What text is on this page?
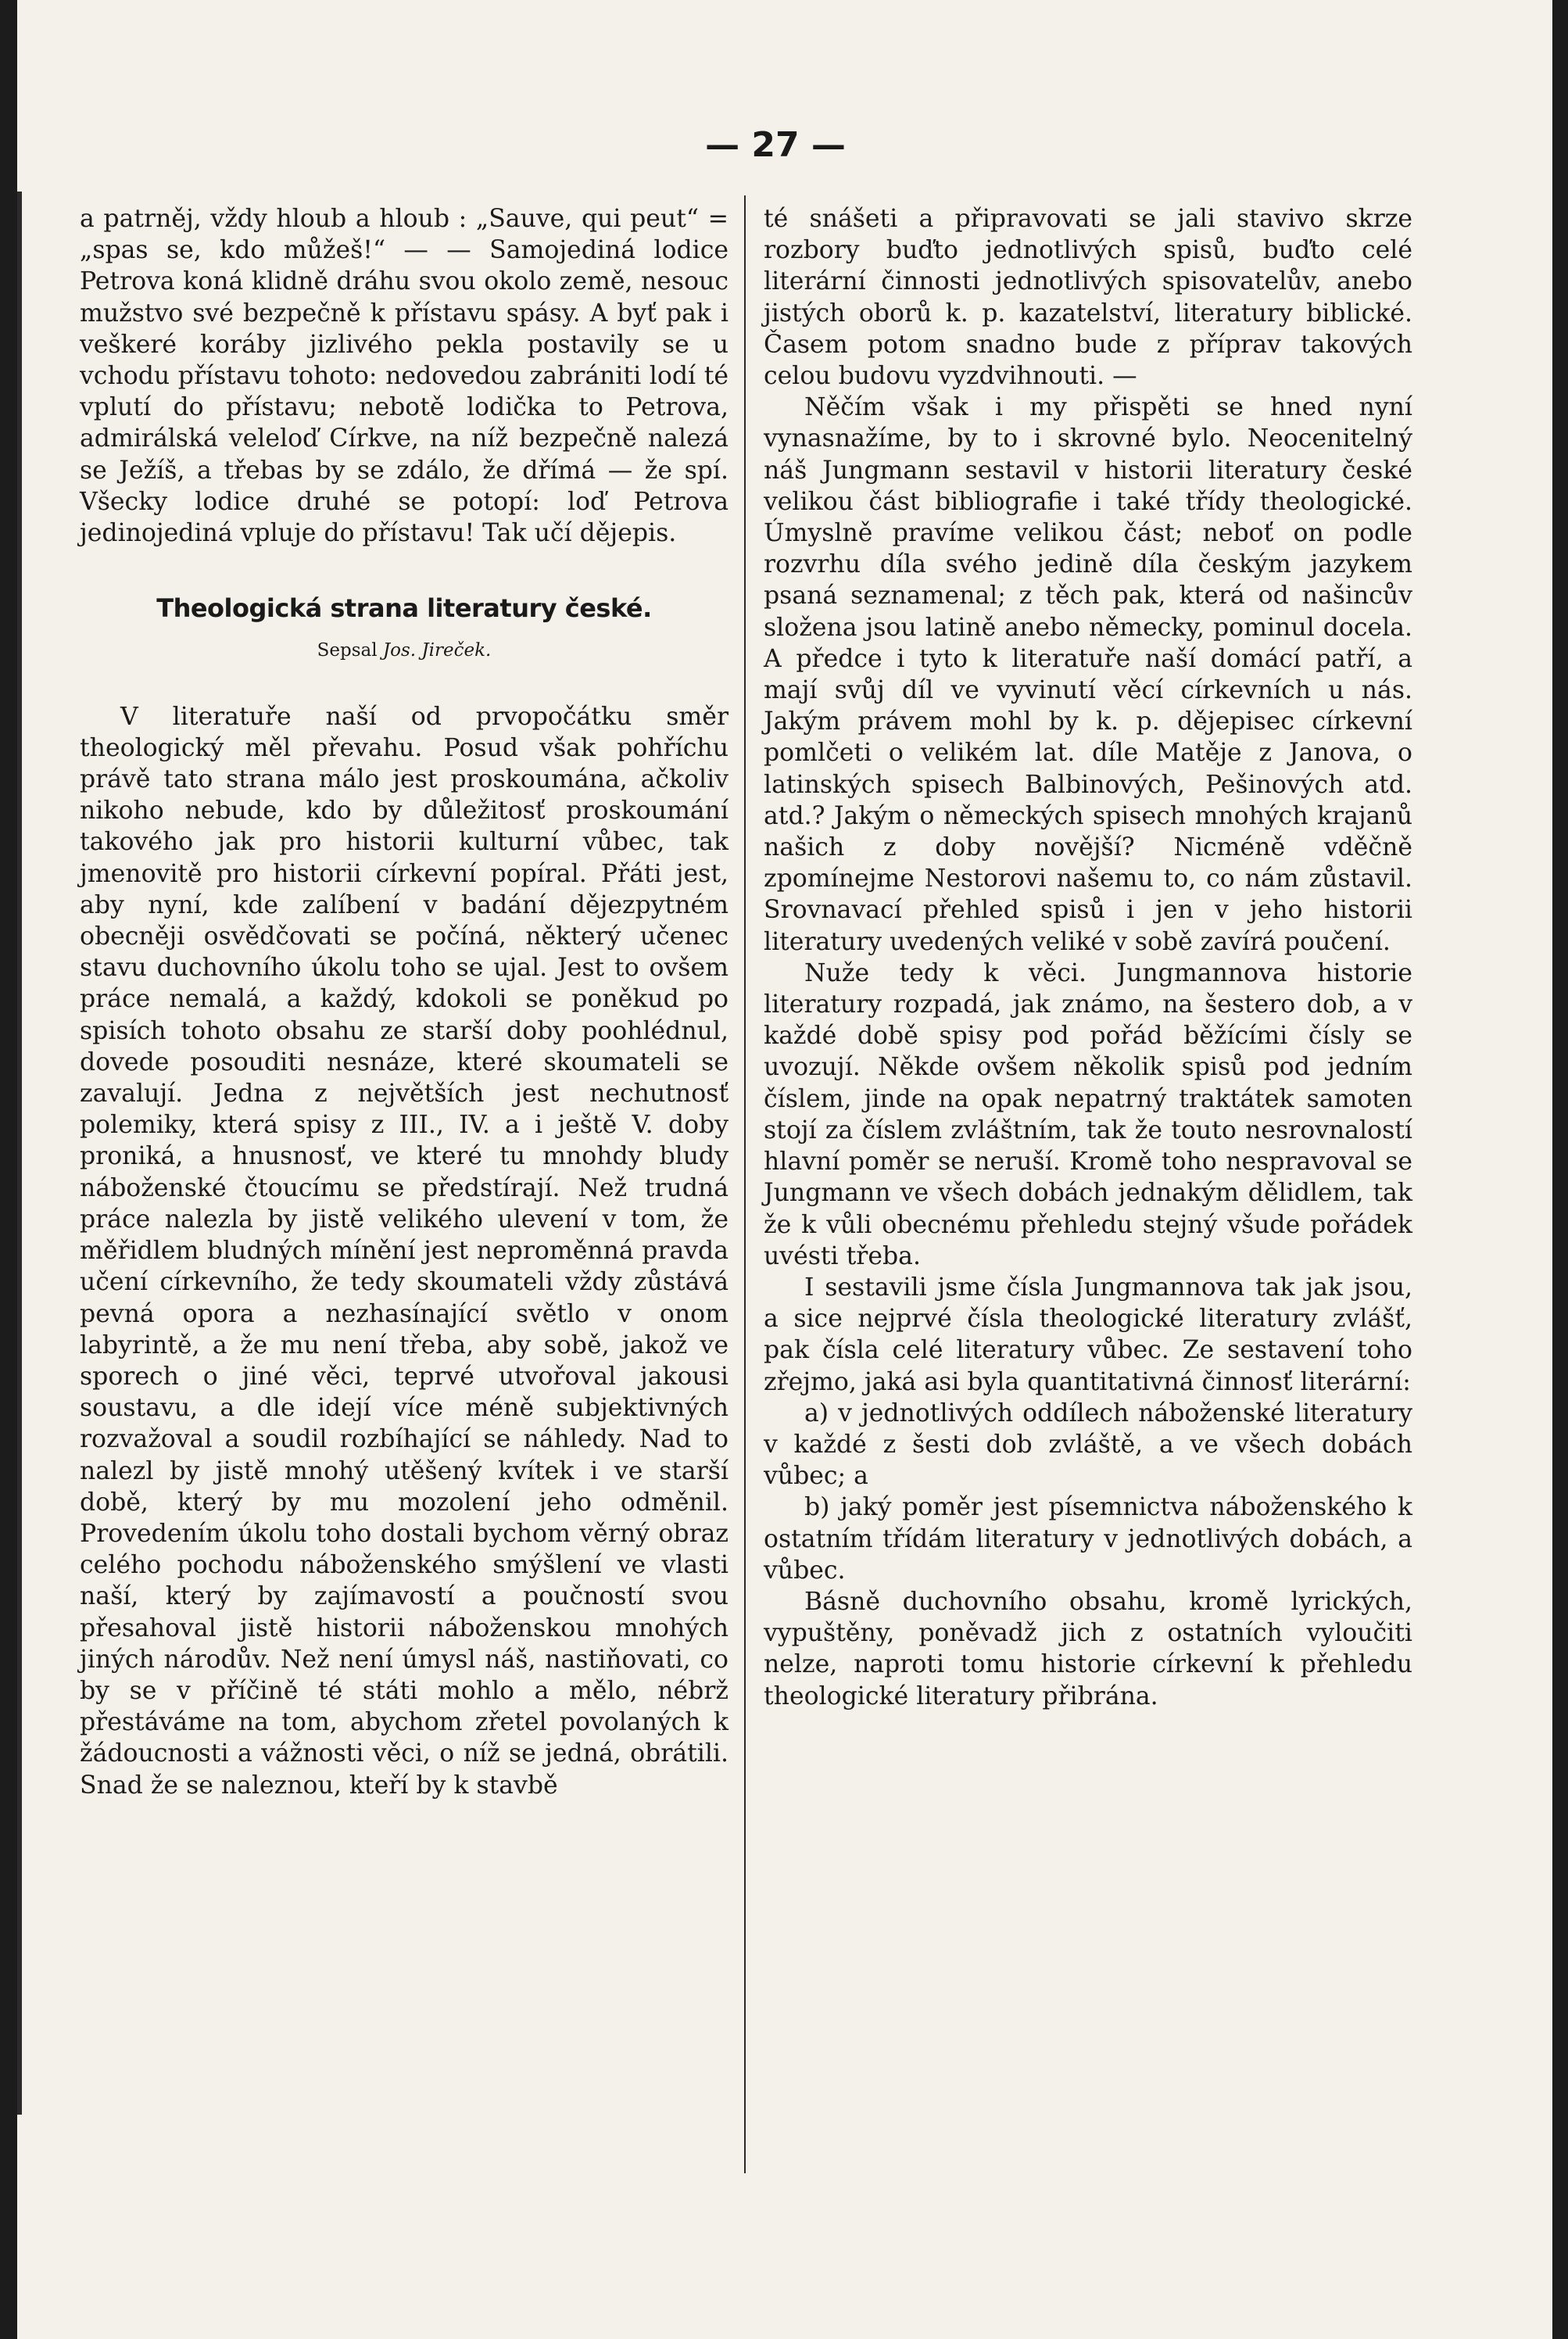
— 27 —

a patrněj, vždy hloub a hloub : „Sauve, qui peut“ = „spas se, kdo můžeš!“ — — Samojediná lodice Petrova koná klidně dráhu svou okolo země, nesouc mužstvo své bezpečně k přístavu spásy. A byť pak i veškeré koráby jizlivého pekla postavily se u vchodu přístavu tohoto: nedovedou zabrániti lodí té vplutí do přístavu; nebotě lodička to Petrova, admirálská veleloď Církve, na níž bezpečně nalezá se Ježíš, a třebas by se zdálo, že dřímá — že spí. Všecky lodice druhé se potopí: loď Petrova jedinojediná vpluje do přístavu! Tak učí dějepis.

Theologická strana literatury české.
Sepsal Jos. Jireček.

V literatuře naší od prvopočátku směr theologický měl převahu. Posud však pohříchu právě tato strana málo jest proskoumána, ačkoliv nikoho nebude, kdo by důležitosť proskoumání takového jak pro historii kulturní vůbec, tak jmenovitě pro historii církevní popíral. Přáti jest, aby nyní, kde zalíbení v badání dějezpytném obecněji osvědčovati se počíná, některý učenec stavu duchovního úkolu toho se ujal. Jest to ovšem práce nemalá, a každý, kdokoli se poněkud po spisích tohoto obsahu ze starší doby poohlédnul, dovede posouditi nesnáze, které skoumateli se zavalují. Jedna z největších jest nechutnosť polemiky, která spisy z III., IV. a i ještě V. doby proniká, a hnusnosť, ve které tu mnohdy bludy náboženské čtoucímu se předstírají. Než trudná práce nalezla by jistě velikého ulevení v tom, že měřidlem bludných mínění jest neproměnná pravda učení církevního, že tedy skoumateli vždy zůstává pevná opora a nezhasínající světlo v onom labyrintě, a že mu není třeba, aby sobě, jakož ve sporech o jiné věci, teprvé utvořoval jakousi soustavu, a dle idejí více méně subjektivných rozvažoval a soudil rozbíhající se náhledy. Nad to nalezl by jistě mnohý utěšený kvítek i ve starší době, který by mu mozolení jeho odměnil. Provedením úkolu toho dostali bychom věrný obraz celého pochodu náboženského smýšlení ve vlasti naší, který by zajímavostí a poučností svou přesahoval jistě historii náboženskou mnohých jiných národův. Než není úmysl náš, nastiňovati, co by se v příčině té státi mohlo a mělo, nébrž přestáváme na tom, abychom zřetel povolaných k žádoucnosti a vážnosti věci, o níž se jedná, obrátili. Snad že se naleznou, kteří by k stavbě

té snášeti a připravovati se jali stavivo skrze rozbory buďto jednotlivých spisů, buďto celé literární činnosti jednotlivých spisovatelův, anebo jistých oborů k. p. kazatelství, literatury biblické. Časem potom snadno bude z příprav takových celou budovu vyzdvihnouti. —

Něčím však i my přispěti se hned nyní vynasnažíme, by to i skrovné bylo. Neocenitelný náš Jungmann sestavil v historii literatury české velikou část bibliografie i také třídy theologické. Úmyslně pravíme velikou část; neboť on podle rozvrhu díla svého jedině díla českým jazykem psaná seznamenal; z těch pak, která od našincův složena jsou latině anebo německy, pominul docela. A předce i tyto k literatuře naší domácí patří, a mají svůj díl ve vyvinutí věcí církevních u nás. Jakým právem mohl by k. p. dějepisec církevní pomlčeti o velikém lat. díle Matěje z Janova, o latinských spisech Balbinových, Pešinových atd. atd.? Jakým o německých spisech mnohých krajanů našich z doby novější? Nicméně vděčně zpomínejme Nestorovi našemu to, co nám zůstavil. Srovnavací přehled spisů i jen v jeho historii literatury uvedených veliké v sobě zavírá poučení.

Nuže tedy k věci. Jungmannova historie literatury rozpadá, jak známo, na šestero dob, a v každé době spisy pod pořád běžícími čísly se uvozují. Někde ovšem několik spisů pod jedním číslem, jinde na opak nepatrný traktátek samoten stojí za číslem zvláštním, tak že touto nesrovnalostí hlavní poměr se neruší. Kromě toho nespravoval se Jungmann ve všech dobách jednakým dělidlem, tak že k vůli obecnému přehledu stejný všude pořádek uvésti třeba.

I sestavili jsme čísla Jungmannova tak jak jsou, a sice nejprvé čísla theologické literatury zvlášť, pak čísla celé literatury vůbec. Ze sestavení toho zřejmo, jaká asi byla quantitativná činnosť literární:

a) v jednotlivých oddílech náboženské literatury v každé z šesti dob zvláště, a ve všech dobách vůbec; a

b) jaký poměr jest písemnictva náboženského k ostatním třídám literatury v jednotlivých dobách, a vůbec.

Básně duchovního obsahu, kromě lyrických, vypuštěny, poněvadž jich z ostatních vyloučiti nelze, naproti tomu historie církevní k přehledu theologické literatury přibrána.
